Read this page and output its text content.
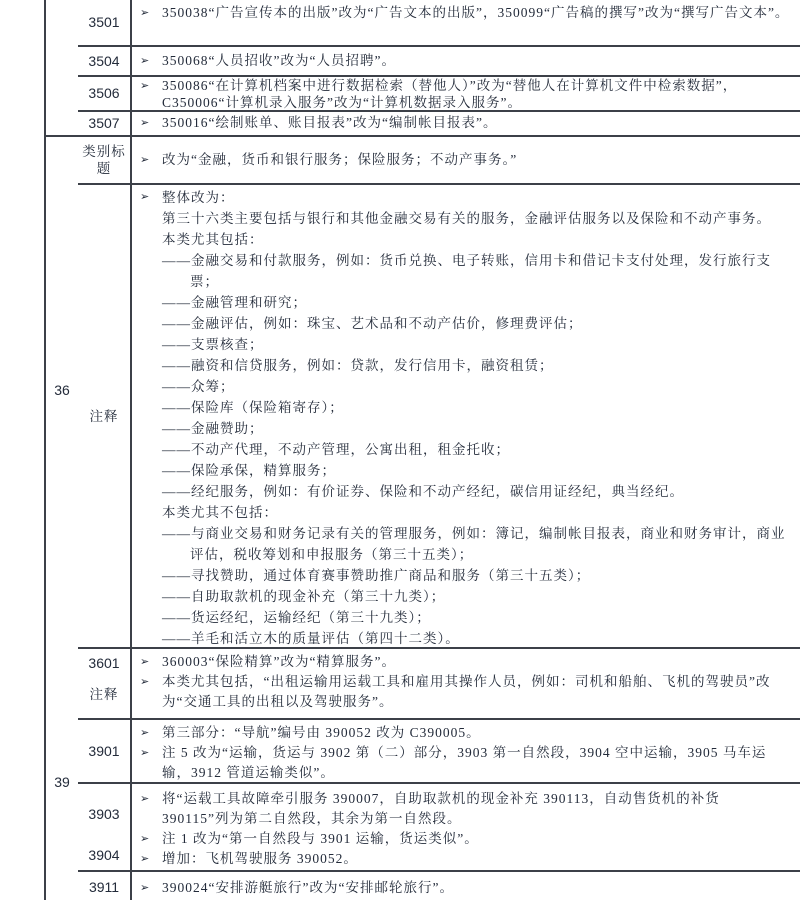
3501
➢ 350038“广告宣传本的出版”改为“广告文本的出版”，350099“广告稿的撰写”改为“撰写广告文本”。
3504 ➢ 350068“人员招收”改为“人员招聘”。
3506 ➢ 350086“在计算机档案中进行数据检索（替他人）”改为“替他人在计算机文件中检索数据”，C350006“计算机录入服务”改为“计算机数据录入服务”。
3507 ➢ 350016“绘制账单、账目报表”改为“编制帐目报表”。
36
类别标题
➢ 改为“金融，货币和银行服务；保险服务；不动产事务。”
注释
➢ 整体改为：
第三十六类主要包括与银行和其他金融交易有关的服务，金融评估服务以及保险和不动产事务。
本类尤其包括：
——金融交易和付款服务，例如：货币兑换、电子转账，信用卡和借记卡支付处理，发行旅行支票；
——金融管理和研究；
——金融评估，例如：珠宝、艺术品和不动产估价，修理费评估；
——支票核查；
——融资和信贷服务，例如：贷款，发行信用卡，融资租赁；
——众筹；
——保险库（保险箱寄存）；
——金融赞助；
——不动产代理，不动产管理，公寓出租，租金托收；
——保险承保，精算服务；
——经纪服务，例如：有价证券、保险和不动产经纪，碳信用证经纪，典当经纪。
本类尤其不包括：
——与商业交易和财务记录有关的管理服务，例如：簿记，编制帐目报表，商业和财务审计，商业评估，税收筹划和申报服务（第三十五类）；
——寻找赞助，通过体育赛事赞助推广商品和服务（第三十五类）；
——自助取款机的现金补充（第三十九类）；
——货运经纪，运输经纪（第三十九类）；
——羊毛和活立木的质量评估（第四十二类）。
3601
注释
➢ 360003“保险精算”改为“精算服务”。
➢ 本类尤其包括，“出租运输用运载工具和雇用其操作人员，例如：司机和船舶、飞机的驾驶员”改为“交通工具的出租以及驾驶服务”。
39
3901
➢ 第三部分：“导航”编号由 390052 改为 C390005。
➢ 注 5 改为“运输，货运与 3902 第（二）部分，3903 第一自然段，3904 空中运输，3905 马车运输，3912 管道运输类似”。
3903
3904
➢ 将“运载工具故障牵引服务 390007，自助取款机的现金补充 390113，自动售货机的补货 390115”列为第二自然段，其余为第一自然段。
➢ 注 1 改为“第一自然段与 3901 运输，货运类似”。
➢ 增加：飞机驾驶服务 390052。
3911 ➢ 390024“安排游艇旅行”改为“安排邮轮旅行”。
